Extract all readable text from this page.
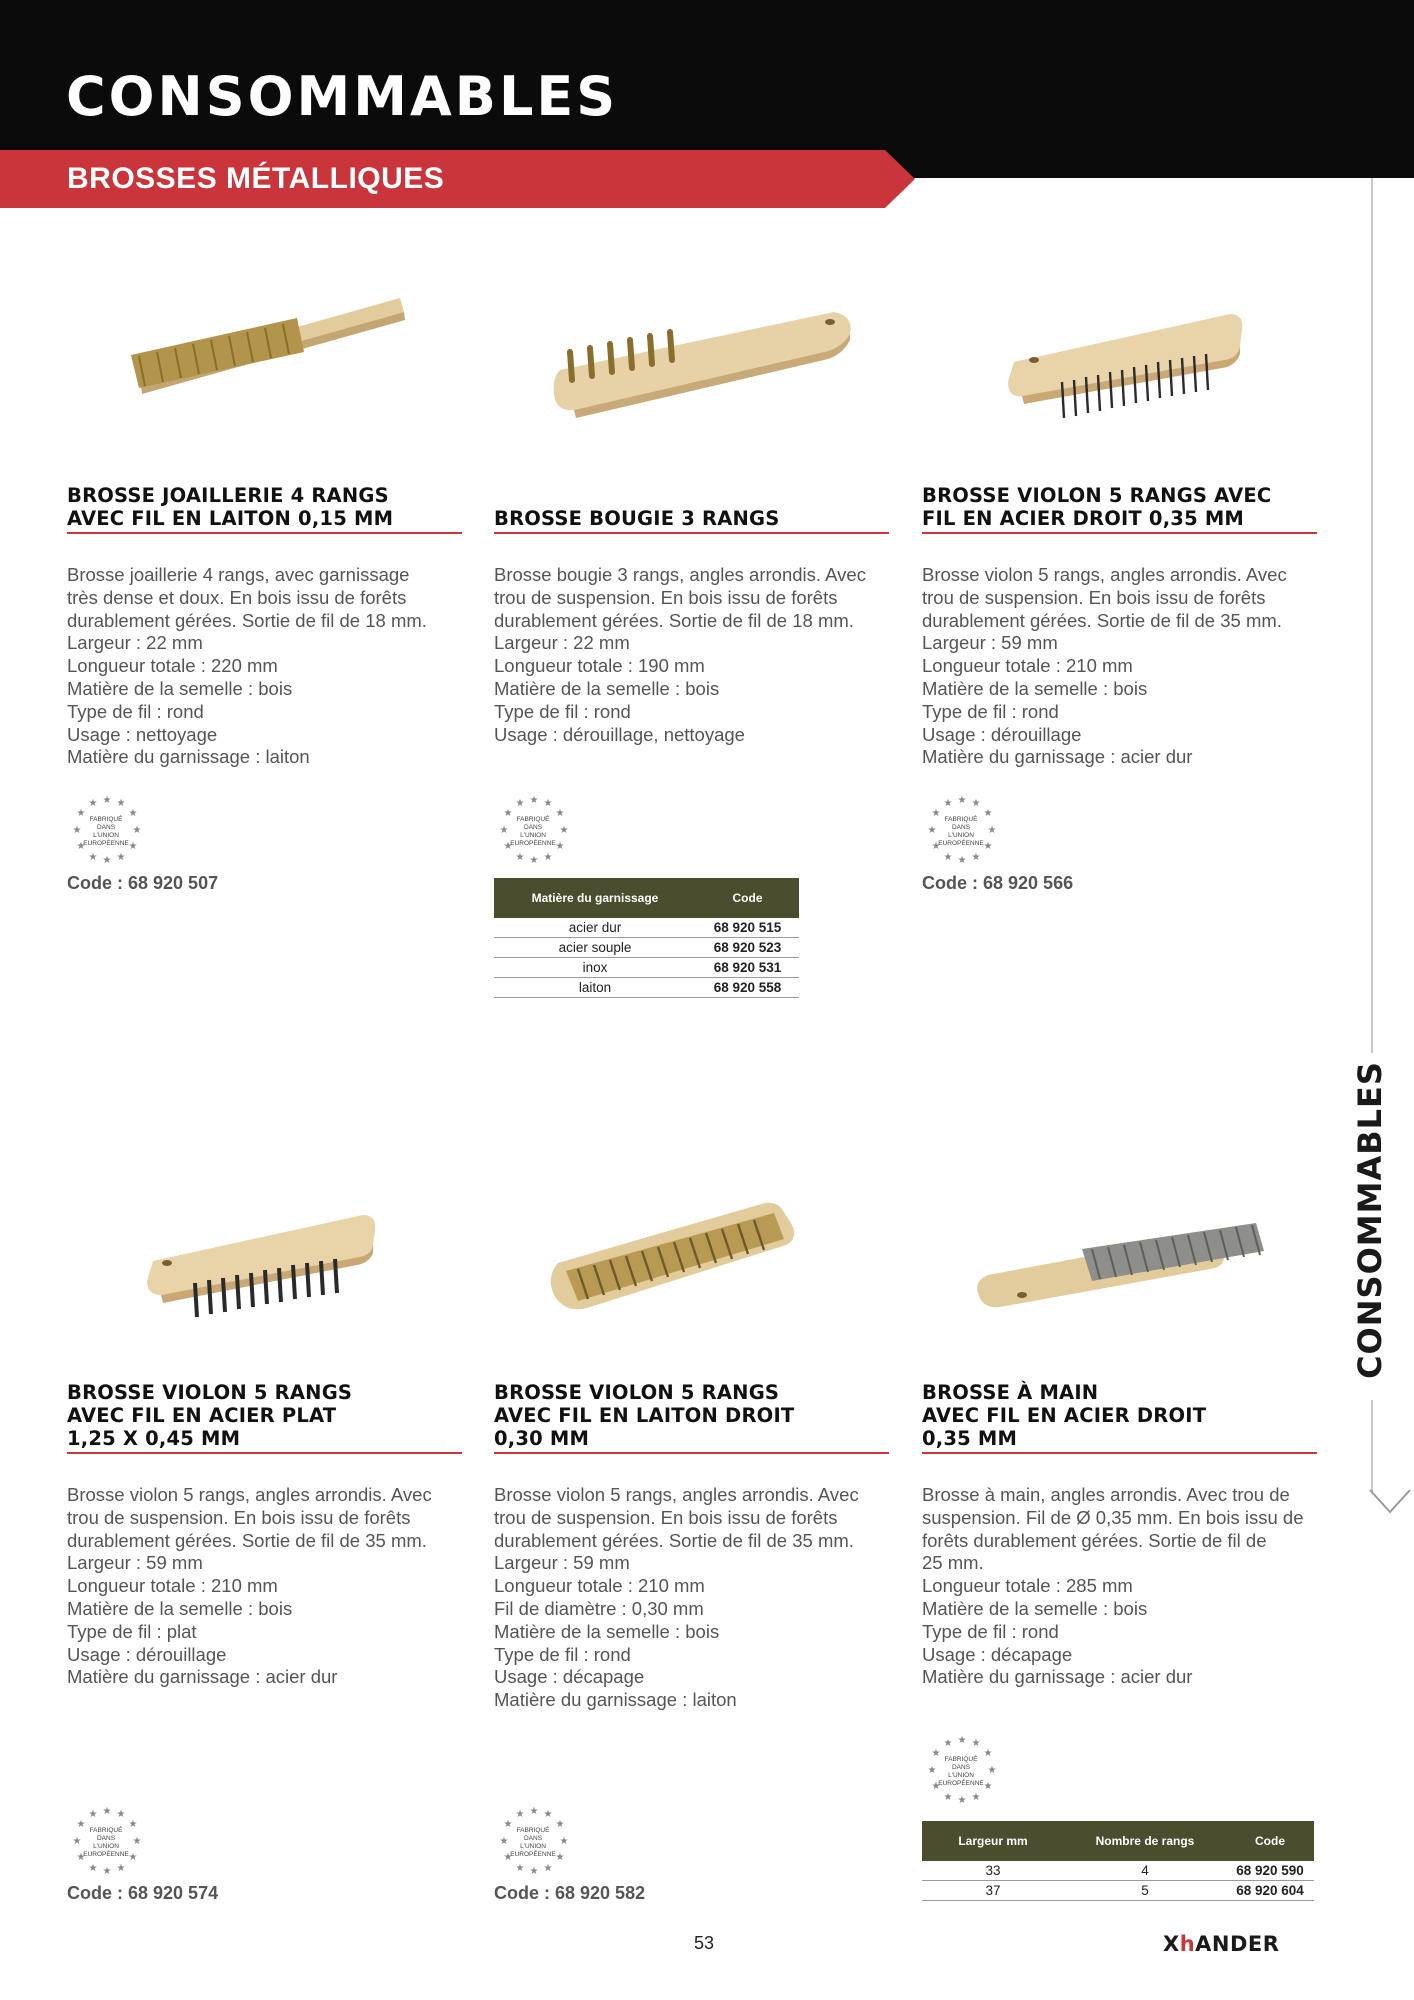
CONSOMMABLES
BROSSES MÉTALLIQUES
CONSOMMABLES
BROSSE JOAILLERIE 4 RANGS
AVEC FIL EN LAITON 0,15 MM
Brosse joaillerie 4 rangs, avec garnissage
très dense et doux. En bois issu de forêts
durablement gérées. Sortie de fil de 18 mm.
Largeur : 22 mm
Longueur totale : 220 mm
Matière de la semelle : bois
Type de fil : rond
Usage : nettoyage
Matière du garnissage : laiton
★ ★
★
★
★
★
★
★
★
★
★
★
FABRIQUÉ
DANS
L'UNION
EUROPÉENNE
Code : 68 920 507
BROSSE BOUGIE 3 RANGS
Brosse bougie 3 rangs, angles arrondis. Avec
trou de suspension. En bois issu de forêts
durablement gérées. Sortie de fil de 18 mm.
Largeur : 22 mm
Longueur totale : 190 mm
Matière de la semelle : bois
Type de fil : rond
Usage : dérouillage, nettoyage
★ ★
★
★
★
★
★
★
★
★
★
★
FABRIQUÉ
DANS
L'UNION
EUROPÉENNE
Matière du garnissage	Code
acier dur	68 920 515
acier souple	68 920 523
inox	68 920 531
laiton	68 920 558
BROSSE VIOLON 5 RANGS AVEC
FIL EN ACIER DROIT 0,35 MM
Brosse violon 5 rangs, angles arrondis. Avec
trou de suspension. En bois issu de forêts
durablement gérées. Sortie de fil de 35 mm.
Largeur : 59 mm
Longueur totale : 210 mm
Matière de la semelle : bois
Type de fil : rond
Usage : dérouillage
Matière du garnissage : acier dur
★ ★
★
★
★
★
★
★
★
★
★
★
FABRIQUÉ
DANS
L'UNION
EUROPÉENNE
Code : 68 920 566
BROSSE VIOLON 5 RANGS
AVEC FIL EN ACIER PLAT
1,25 X 0,45 MM
Brosse violon 5 rangs, angles arrondis. Avec
trou de suspension. En bois issu de forêts
durablement gérées. Sortie de fil de 35 mm.
Largeur : 59 mm
Longueur totale : 210 mm
Matière de la semelle : bois
Type de fil : plat
Usage : dérouillage
Matière du garnissage : acier dur
★ ★
★
★
★
★
★
★
★
★
★
★
FABRIQUÉ
DANS
L'UNION
EUROPÉENNE
Code : 68 920 574
BROSSE VIOLON 5 RANGS
AVEC FIL EN LAITON DROIT
0,30 MM
Brosse violon 5 rangs, angles arrondis. Avec
trou de suspension. En bois issu de forêts
durablement gérées. Sortie de fil de 35 mm.
Largeur : 59 mm
Longueur totale : 210 mm
Fil de diamètre : 0,30 mm
Matière de la semelle : bois
Type de fil : rond
Usage : décapage
Matière du garnissage : laiton
★ ★
★
★
★
★
★
★
★
★
★
★
FABRIQUÉ
DANS
L'UNION
EUROPÉENNE
Code : 68 920 582
BROSSE À MAIN
AVEC FIL EN ACIER DROIT
0,35 MM
Brosse à main, angles arrondis. Avec trou de
suspension. Fil de Ø 0,35 mm. En bois issu de
forêts durablement gérées. Sortie de fil de
25 mm.
Longueur totale : 285 mm
Matière de la semelle : bois
Type de fil : rond
Usage : décapage
Matière du garnissage : acier dur
★ ★
★
★
★
★
★
★
★
★
★
★
FABRIQUÉ
DANS
L'UNION
EUROPÉENNE
Largeur mm	Nombre de rangs	Code
33	4	68 920 590
37	5	68 920 604
53	XhANDER
